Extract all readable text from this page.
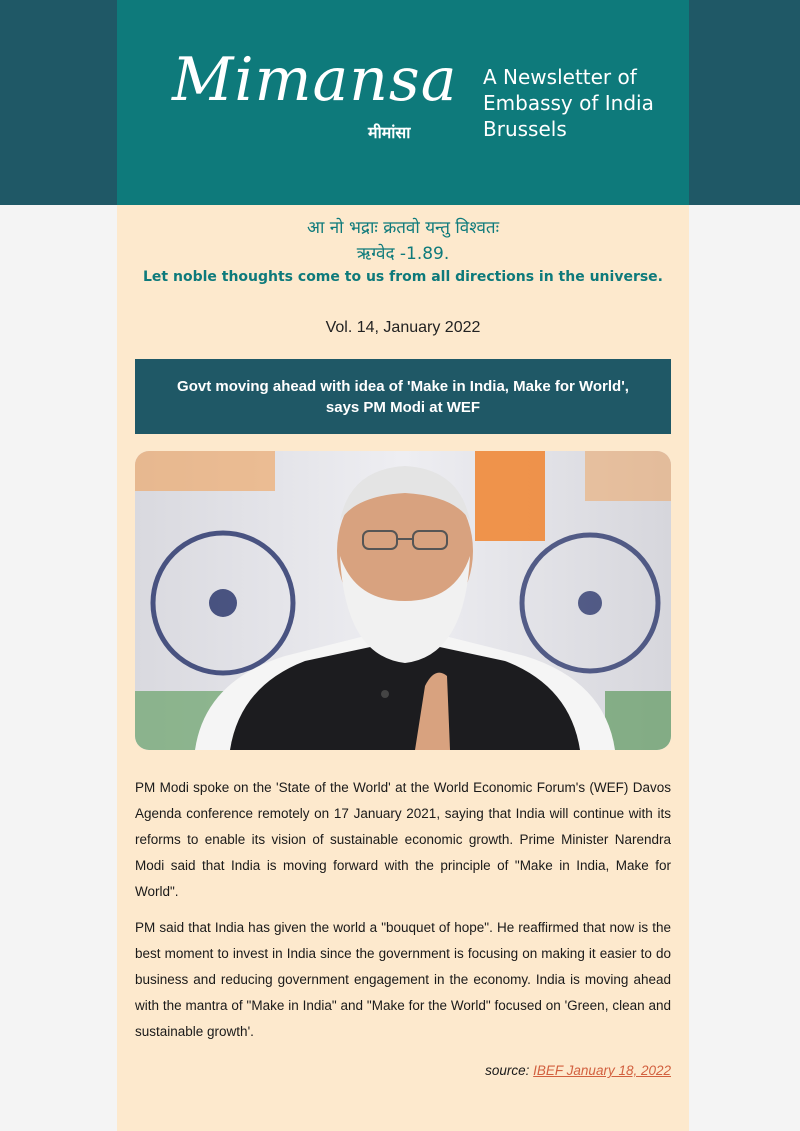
Mimansa
मीमांसा
A Newsletter of
Embassy of India
Brussels
आ नो भद्राः क्रतवो यन्तु विश्वतः
ऋग्वेद -1.89.
Let noble thoughts come to us from all directions in the universe.
Vol. 14, January 2022
Govt moving ahead with idea of 'Make in India, Make for World', says PM Modi at WEF
PM Modi spoke on the 'State of the World' at the World Economic Forum's (WEF) Davos Agenda conference remotely on 17 January 2021, saying that India will continue with its reforms to enable its vision of sustainable economic growth. Prime Minister Narendra Modi said that India is moving forward with the principle of "Make in India, Make for World".
PM said that India has given the world a "bouquet of hope". He reaffirmed that now is the best moment to invest in India since the government is focusing on making it easier to do business and reducing government engagement in the economy. India is moving ahead with the mantra of "Make in India" and "Make for the World" focused on 'Green, clean and sustainable growth'.
source: IBEF January 18, 2022
